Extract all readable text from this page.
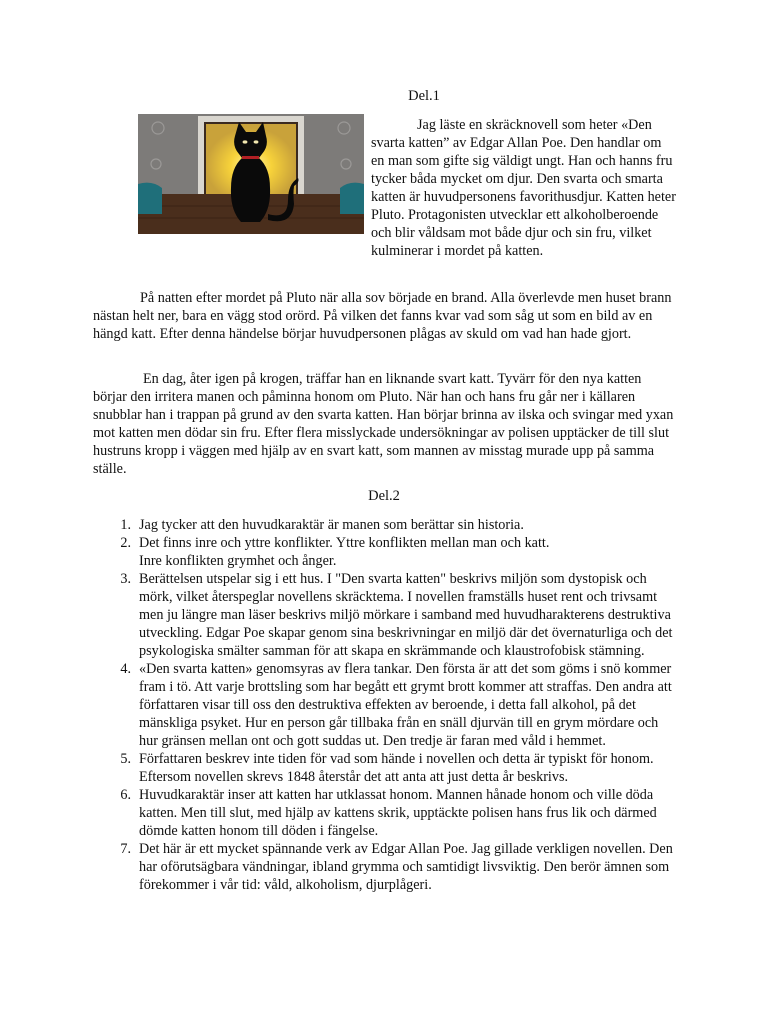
Del.1

Jag läste en skräcknovell som heter «Den svarta katten” av Edgar Allan Poe. Den handlar om en man som gifte sig väldigt ungt. Han och hanns fru tycker båda mycket om djur. Den svarta och smarta katten är huvudpersonens favorithusdjur. Katten heter Pluto. Protagonisten utvecklar ett alkoholberoende och blir våldsam mot både djur och sin fru, vilket kulminerar i mordet på katten.

På natten efter mordet på Pluto när alla sov började en brand. Alla överlevde men huset brann nästan helt ner, bara en vägg stod orörd. På vilken det fanns kvar vad som såg ut som en bild av en hängd katt. Efter denna händelse börjar huvudpersonen plågas av skuld om vad han hade gjort.

En dag, åter igen på krogen, träffar han en liknande svart katt. Tyvärr för den nya katten börjar den irritera manen och påminna honom om Pluto. När han och hans fru går ner i källaren snubblar han i trappan på grund av den svarta katten. Han börjar brinna av ilska och svingar med yxan mot katten men dödar sin fru. Efter flera misslyckade undersökningar av polisen upptäcker de till slut hustruns kropp i väggen med hjälp av en svart katt, som mannen av misstag murade upp på samma ställe.

Del.2
1. Jag tycker att den huvudkaraktär är manen som berättar sin historia.
2. Det finns inre och yttre konflikter. Yttre konflikten mellan man och katt.
Inre konflikten grymhet och ånger.
3. Berättelsen utspelar sig i ett hus. I "Den svarta katten" beskrivs miljön som dystopisk och mörk, vilket återspeglar novellens skräcktema. I novellen framställs huset rent och trivsamt men ju längre man läser beskrivs miljö mörkare i samband med huvudharakterens destruktiva utveckling. Edgar Poe skapar genom sina beskrivningar en miljö där det övernaturliga och det psykologiska smälter samman för att skapa en skrämmande och klaustrofobisk stämning.
4. «Den svarta katten» genomsyras av flera tankar. Den första är att det som göms i snö kommer fram i tö. Att varje brottsling som har begått ett grymt brott kommer att straffas. Den andra att författaren visar till oss den destruktiva effekten av beroende, i detta fall alkohol, på det mänskliga psyket. Hur en person går tillbaka från en snäll djurvän till en grym mördare och hur gränsen mellan ont och gott suddas ut. Den tredje är faran med våld i hemmet.
5. Författaren beskrev inte tiden för vad som hände i novellen och detta är typiskt för honom. Eftersom novellen skrevs 1848 återstår det att anta att just detta år beskrivs.
6. Huvudkaraktär inser att katten har utklassat honom. Mannen hånade honom och ville döda katten. Men till slut, med hjälp av kattens skrik, upptäckte polisen hans frus lik och därmed dömde katten honom till döden i fängelse.
7. Det här är ett mycket spännande verk av Edgar Allan Poe. Jag gillade verkligen novellen. Den har oförutsägbara vändningar, ibland grymma och samtidigt livsviktig. Den berör ämnen som förekommer i vår tid: våld, alkoholism, djurplågeri.
